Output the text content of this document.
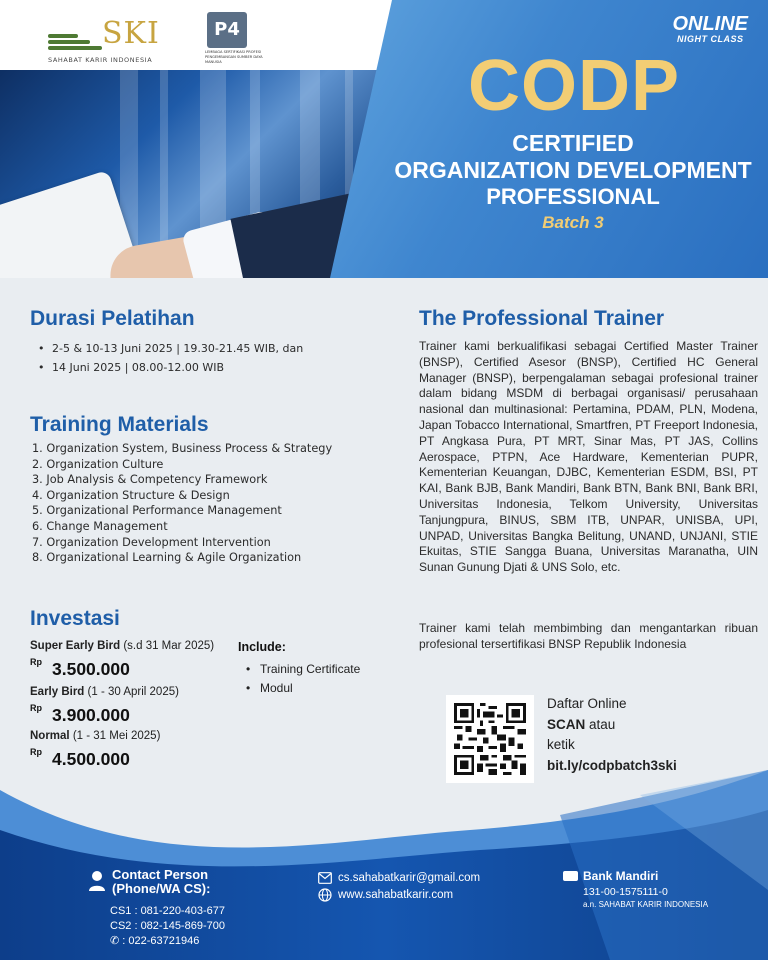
SKI
SAHABAT KARIR INDONESIA
P4
LEMBAGA SERTIFIKASI PROFESI PENGEMBANGAN SUMBER DAYA MANUSIA
ONLINE
NIGHT CLASS
CODP
CERTIFIED
ORGANIZATION DEVELOPMENT
PROFESSIONAL
Batch 3
Durasi Pelatihan
• 2-5 & 10-13 Juni 2025 | 19.30-21.45 WIB, dan
• 14 Juni 2025 | 08.00-12.00 WIB
Training Materials
1. Organization System, Business Process & Strategy
2. Organization Culture
3. Job Analysis & Competency Framework
4. Organization Structure & Design
5. Organizational Performance Management
6. Change Management
7. Organization Development Intervention
8. Organizational Learning & Agile Organization
Investasi
Super Early Bird (s.d 31 Mar 2025)
$^{Rp}$ 3.500.000
Early Bird (1 - 30 April 2025)
$^{Rp}$ 3.900.000
Normal (1 - 31 Mei 2025)
$^{Rp}$ 4.500.000
Include:
• Training Certificate
• Modul
The Professional Trainer

Trainer kami berkualifikasi sebagai Certified Master Trainer (BNSP), Certified Asesor (BNSP), Certified HC General Manager (BNSP), berpengalaman sebagai profesional trainer dalam bidang MSDM di berbagai organisasi/ perusahaan nasional dan multinasional: Pertamina, PDAM, PLN, Modena, Japan Tobacco International, Smartfren, PT Freeport Indonesia, PT Angkasa Pura, PT MRT, Sinar Mas, PT JAS, Collins Aerospace, PTPN, Ace Hardware, Kementerian PUPR, Kementerian Keuangan, DJBC, Kementerian ESDM, BSI, PT KAI, Bank BJB, Bank Mandiri, Bank BTN, Bank BNI, Bank BRI, Universitas Indonesia, Telkom University, Universitas Tanjungpura, BINUS, SBM ITB, UNPAR, UNISBA, UPI, UNPAD, Universitas Bangka Belitung, UNAND, UNJANI, STIE Ekuitas, STIE Sangga Buana, Universitas Maranatha, UIN Sunan Gunung Djati & UNS Solo, etc.

Trainer kami telah membimbing dan mengantarkan ribuan profesional tersertifikasi BNSP Republik Indonesia

Daftar Online
SCAN atau
ketik
bit.ly/codpbatch3ski
Contact Person
(Phone/WA CS):
CS1 : 081-220-403-677
CS2 : 082-145-869-700
✆ : 022-63721946
cs.sahabatkarir@gmail.com
www.sahabatkarir.com
Bank Mandiri
131-00-1575111-0
a.n. SAHABAT KARIR INDONESIA
